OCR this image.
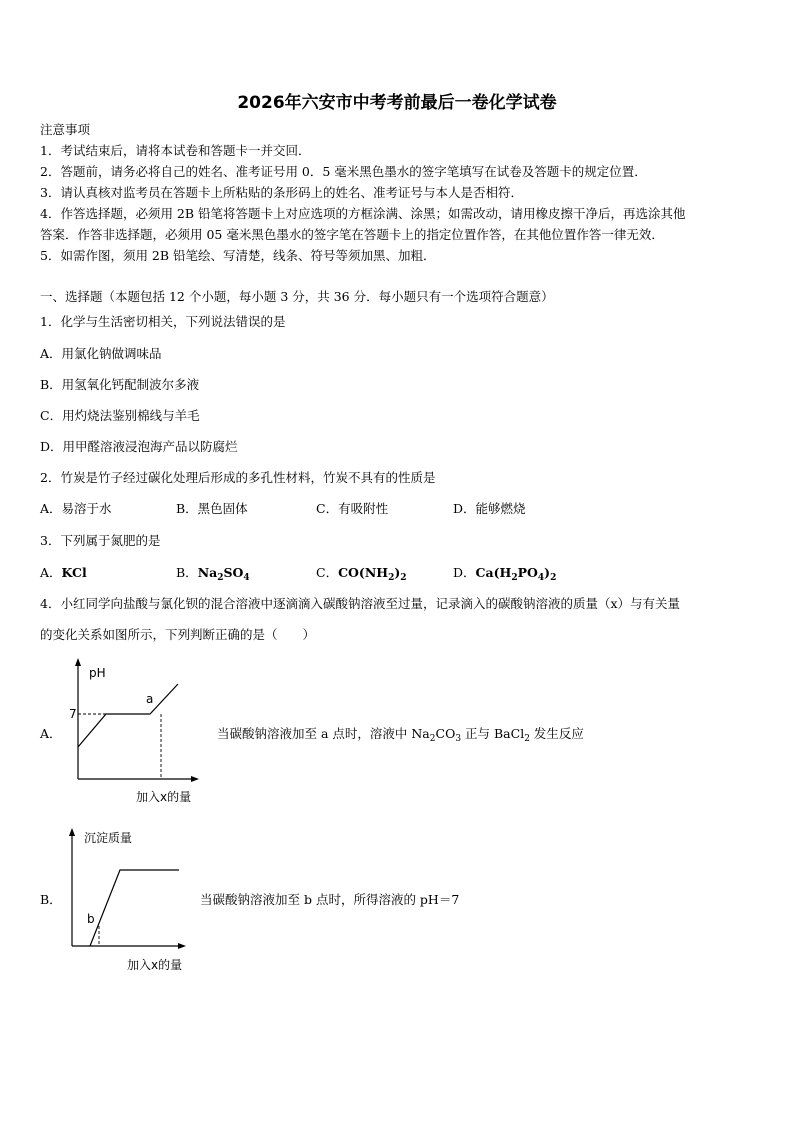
2026年六安市中考考前最后一卷化学试卷
注意事项
1．考试结束后，请将本试卷和答题卡一并交回．
2．答题前，请务必将自己的姓名、准考证号用 0．5 毫米黑色墨水的签字笔填写在试卷及答题卡的规定位置．
3．请认真核对监考员在答题卡上所粘贴的条形码上的姓名、准考证号与本人是否相符．
4．作答选择题，必须用 2B 铅笔将答题卡上对应选项的方框涂满、涂黑；如需改动，请用橡皮擦干净后，再选涂其他
答案．作答非选择题，必须用 05 毫米黑色墨水的签字笔在答题卡上的指定位置作答，在其他位置作答一律无效．
5．如需作图，须用 2B 铅笔绘、写清楚，线条、符号等须加黑、加粗．
一、选择题（本题包括 12 个小题，每小题 3 分，共 36 分．每小题只有一个选项符合题意）
1．化学与生活密切相关，下列说法错误的是
A．用氯化钠做调味品
B．用氢氧化钙配制波尔多液
C．用灼烧法鉴别棉线与羊毛
D．用甲醛溶液浸泡海产品以防腐烂
2．竹炭是竹子经过碳化处理后形成的多孔性材料，竹炭不具有的性质是
A．易溶于水	B．黑色固体	C．有吸附性	D．能够燃烧
3．下列属于氮肥的是
A．KCl	B．$Na_2SO_4$	C．$CO(NH_2)_2$	D．$Ca(H_2PO_4)_2$
4．小红同学向盐酸与氯化钡的混合溶液中逐滴滴入碳酸钠溶液至过量，记录滴入的碳酸钠溶液的质量（x）与有关量
的变化关系如图所示，下列判断正确的是（　　）
A．
pH
7
a
加入x的量
当碳酸钠溶液加至 a 点时，溶液中 $Na_2CO_3$ 正与 BaCl$_2$ 发生反应
B．
沉淀质量
b
加入x的量
当碳酸钠溶液加至 b 点时，所得溶液的 pH＝7
